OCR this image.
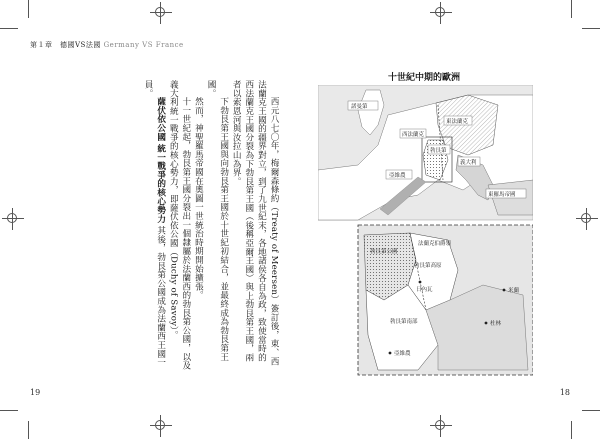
第１章　德國VS法國 Germany VS France

西元八七〇年，梅爾森條約（Treaty of Meersen）簽訂後，東、西法蘭克王國的疆界對立，到了九世紀末，各地諸侯各自為政，致使當時的西法蘭克王國分裂為下勃艮第王國（後稱亞爾王國）與上勃艮第王國，兩者以索恩河與汝拉山為界。

下勃艮第王國與向勃艮第王國於十世紀初結合，並最終成為勃艮第王國。

然而，神聖羅馬帝國在奧圖一世統治時期開始擴張。

十一世紀起，勃艮第王國分裂出一個隸屬於法蘭西的勃艮第公國，以及義大利統一戰爭的核心勢力，即薩伏依公國（Duchy of Savoy）。

薩伏依公國 統一戰爭的核心勢力 其後，勃艮第公國成為法蘭西王國一員。

十世紀中期的歐洲
諾曼第
西法蘭克
東法蘭克
勃艮第
亞維農
義大利
東羅馬帝國
勃艮第公國
法蘭克伯爵領
勃艮第高原
日內瓦
勃艮第南部
米蘭
亞維農
杜林
19	18
